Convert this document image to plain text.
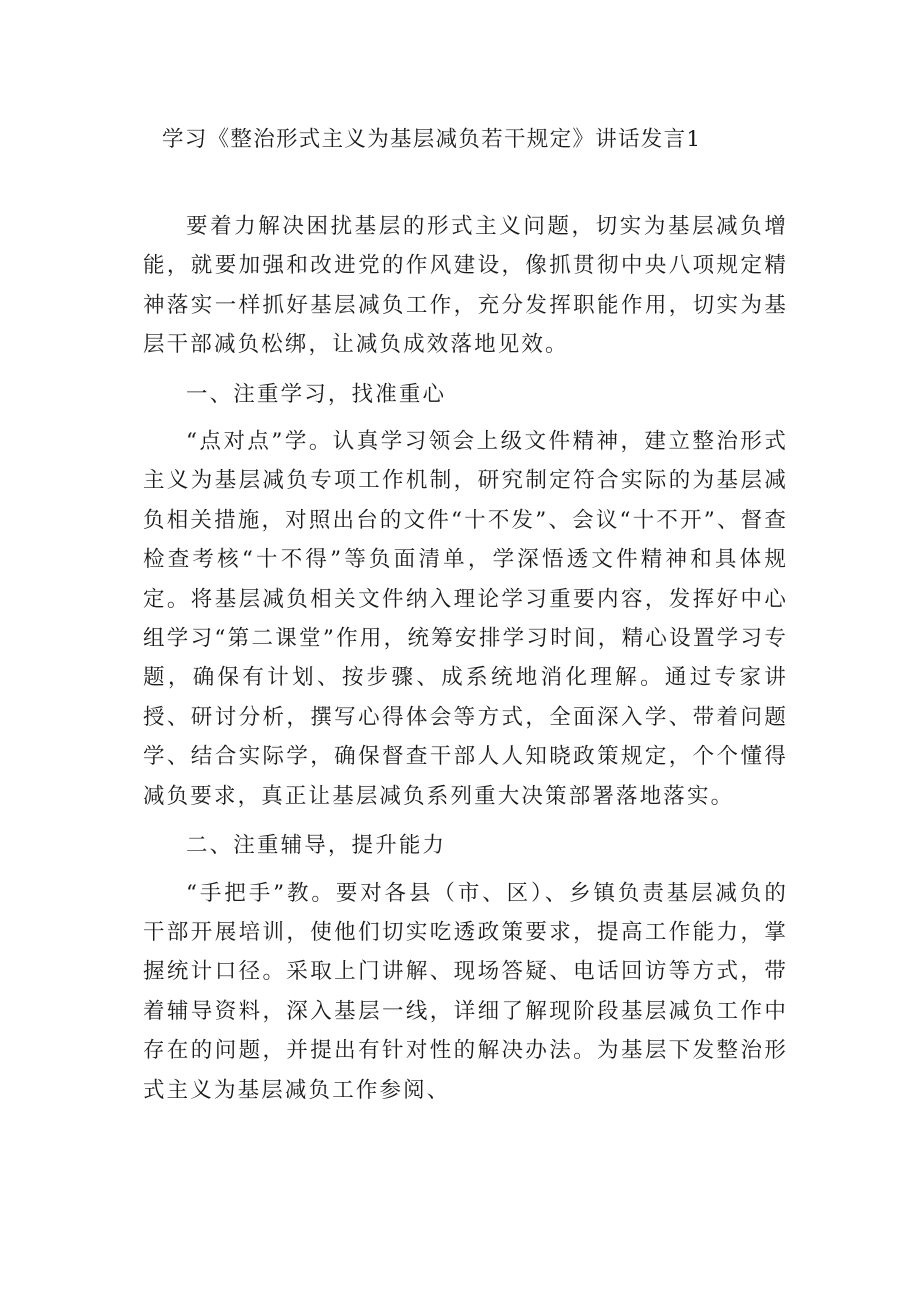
学习《整治形式主义为基层减负若干规定》讲话发言1

要着力解决困扰基层的形式主义问题，切实为基层减负增能，就要加强和改进党的作风建设，像抓贯彻中央八项规定精神落实一样抓好基层减负工作，充分发挥职能作用，切实为基层干部减负松绑，让减负成效落地见效。

一、注重学习，找准重心

“点对点”学。认真学习领会上级文件精神，建立整治形式主义为基层减负专项工作机制，研究制定符合实际的为基层减负相关措施，对照出台的文件“十不发”、会议“十不开”、督查检查考核“十不得”等负面清单，学深悟透文件精神和具体规定。将基层减负相关文件纳入理论学习重要内容，发挥好中心组学习“第二课堂”作用，统筹安排学习时间，精心设置学习专题，确保有计划、按步骤、成系统地消化理解。通过专家讲授、研讨分析，撰写心得体会等方式，全面深入学、带着问题学、结合实际学，确保督查干部人人知晓政策规定，个个懂得减负要求，真正让基层减负系列重大决策部署落地落实。

二、注重辅导，提升能力

“手把手”教。要对各县（市、区）、乡镇负责基层减负的干部开展培训，使他们切实吃透政策要求，提高工作能力，掌握统计口径。采取上门讲解、现场答疑、电话回访等方式，带着辅导资料，深入基层一线，详细了解现阶段基层减负工作中存在的问题，并提出有针对性的解决办法。为基层下发整治形式主义为基层减负工作参阅、
